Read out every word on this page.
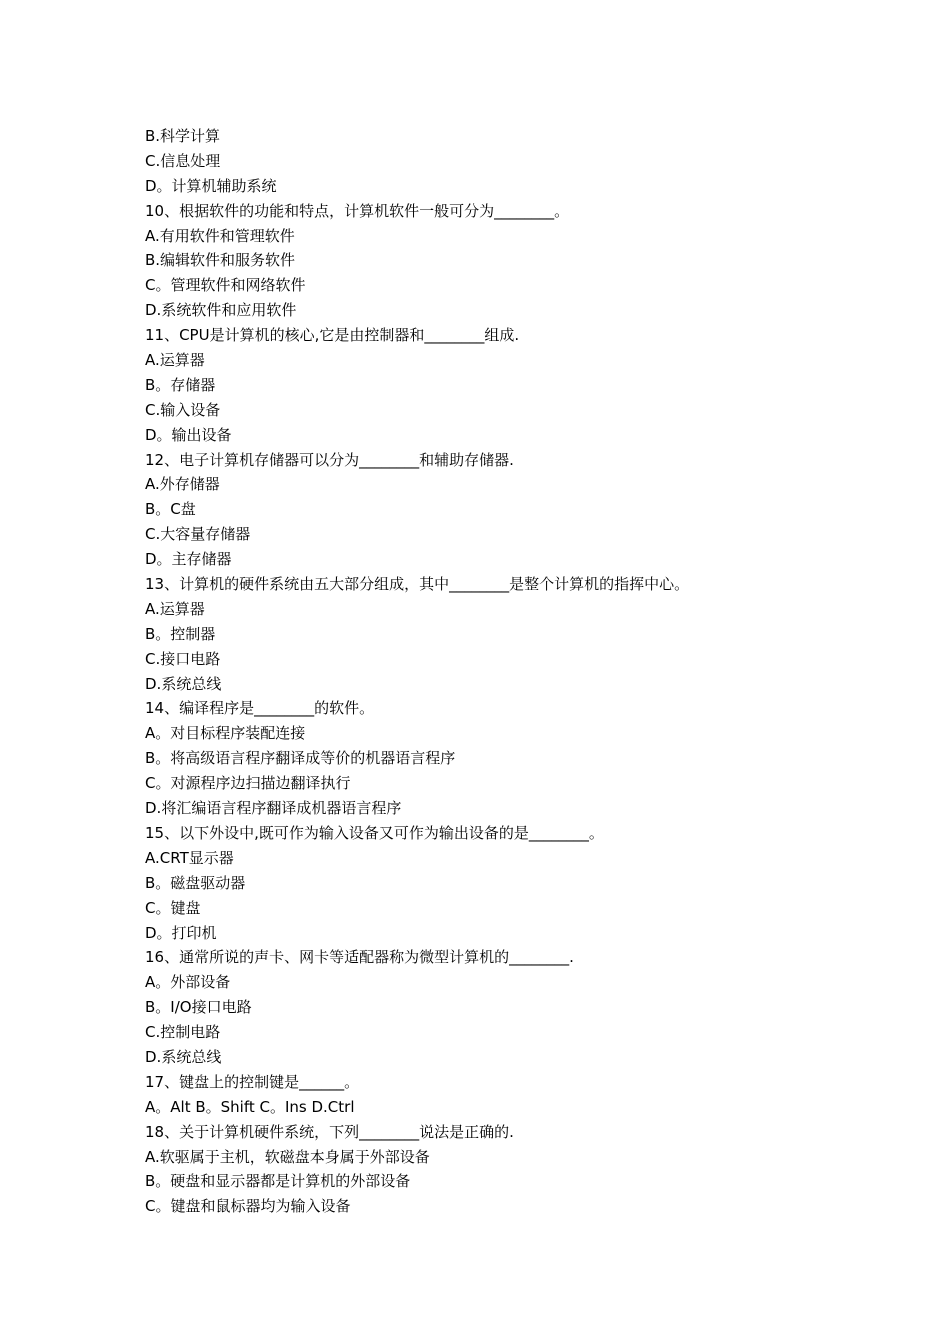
B.科学计算
C.信息处理
D。计算机辅助系统
10、根据软件的功能和特点，计算机软件一般可分为________。
A.有用软件和管理软件
B.编辑软件和服务软件
C。管理软件和网络软件
D.系统软件和应用软件
11、CPU是计算机的核心,它是由控制器和________组成.
A.运算器
B。存储器
C.输入设备
D。输出设备
12、电子计算机存储器可以分为________和辅助存储器.
A.外存储器
B。C盘
C.大容量存储器
D。主存储器
13、计算机的硬件系统由五大部分组成，其中________是整个计算机的指挥中心。
A.运算器
B。控制器
C.接口电路
D.系统总线
14、编译程序是________的软件。
A。对目标程序装配连接
B。将高级语言程序翻译成等价的机器语言程序
C。对源程序边扫描边翻译执行
D.将汇编语言程序翻译成机器语言程序
15、以下外设中,既可作为输入设备又可作为输出设备的是________。
A.CRT显示器
B。磁盘驱动器
C。键盘
D。打印机
16、通常所说的声卡、网卡等适配器称为微型计算机的________.
A。外部设备
B。I/O接口电路
C.控制电路
D.系统总线
17、键盘上的控制键是______。
A。Alt B。Shift C。Ins D.Ctrl
18、关于计算机硬件系统，下列________说法是正确的.
A.软驱属于主机，软磁盘本身属于外部设备
B。硬盘和显示器都是计算机的外部设备
C。键盘和鼠标器均为输入设备
